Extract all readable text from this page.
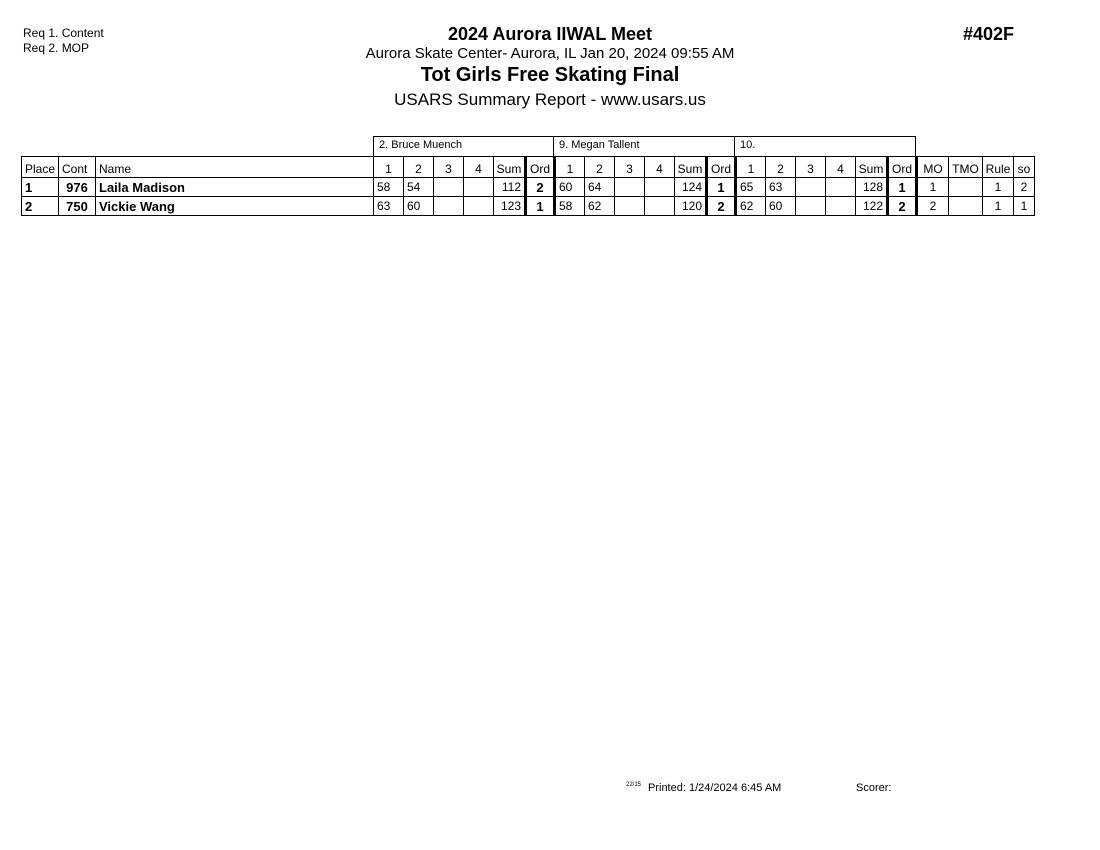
Req 1. Content
Req 2. MOP
2024 Aurora IIWAL Meet
Aurora Skate Center- Aurora, IL Jan 20, 2024 09:55 AM
Tot Girls Free Skating Final
USARS Summary Report - www.usars.us
#402F
2. Bruce Muench	9. Megan Tallent	10.
Place	Cont	Name	1	2	3	4	Sum	Ord	1	2	3	4	Sum	Ord	1	2	3	4	Sum	Ord	MO	TMO	Rule	so
1	976	Laila Madison	58	54			112	2	60	64			124	1	65	63			128	1	1		1	2
2	750	Vickie Wang	63	60			123	1	58	62			120	2	62	60			122	2	2		1	1
22/15 Printed: 1/24/2024 6:45 AM	Scorer:
